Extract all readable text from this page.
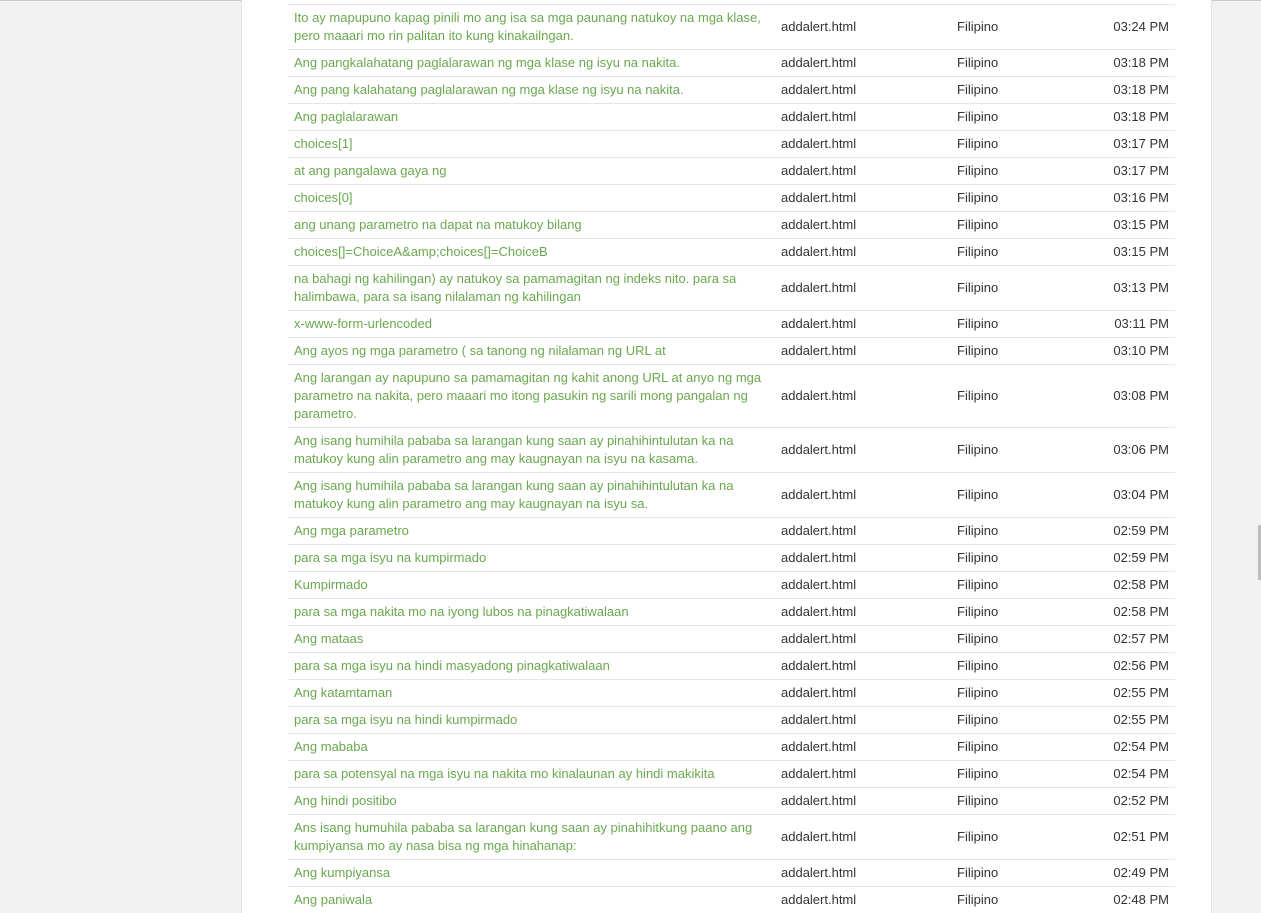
Ito ay mapupuno kapag pinili mo ang isa sa mga paunang natukoy na mga klase, pero maaari mo rin palitan ito kung kinakailngan.	addalert.html	Filipino	03:24 PM
Ang pangkalahatang paglalarawan ng mga klase ng isyu na nakita.	addalert.html	Filipino	03:18 PM
Ang pang kalahatang paglalarawan ng mga klase ng isyu na nakita.	addalert.html	Filipino	03:18 PM
Ang paglalarawan	addalert.html	Filipino	03:18 PM
choices[1]	addalert.html	Filipino	03:17 PM
at ang pangalawa gaya ng	addalert.html	Filipino	03:17 PM
choices[0]	addalert.html	Filipino	03:16 PM
ang unang parametro na dapat na matukoy bilang	addalert.html	Filipino	03:15 PM
choices[]=ChoiceA&amp;choices[]=ChoiceB	addalert.html	Filipino	03:15 PM
na bahagi ng kahilingan) ay natukoy sa pamamagitan ng indeks nito. para sa halimbawa, para sa isang nilalaman ng kahilingan	addalert.html	Filipino	03:13 PM
x-www-form-urlencoded	addalert.html	Filipino	03:11 PM
Ang ayos ng mga parametro ( sa tanong ng nilalaman ng URL at	addalert.html	Filipino	03:10 PM
Ang larangan ay napupuno sa pamamagitan ng kahit anong URL at anyo ng mga parametro na nakita, pero maaari mo itong pasukin ng sarili mong pangalan ng parametro.	addalert.html	Filipino	03:08 PM
Ang isang humihila pababa sa larangan kung saan ay pinahihintulutan ka na matukoy kung alin parametro ang may kaugnayan na isyu na kasama.	addalert.html	Filipino	03:06 PM
Ang isang humihila pababa sa larangan kung saan ay pinahihintulutan ka na matukoy kung alin parametro ang may kaugnayan na isyu sa.	addalert.html	Filipino	03:04 PM
Ang mga parametro	addalert.html	Filipino	02:59 PM
para sa mga isyu na kumpirmado	addalert.html	Filipino	02:59 PM
Kumpirmado	addalert.html	Filipino	02:58 PM
para sa mga nakita mo na iyong lubos na pinagkatiwalaan	addalert.html	Filipino	02:58 PM
Ang mataas	addalert.html	Filipino	02:57 PM
para sa mga isyu na hindi masyadong pinagkatiwalaan	addalert.html	Filipino	02:56 PM
Ang katamtaman	addalert.html	Filipino	02:55 PM
para sa mga isyu na hindi kumpirmado	addalert.html	Filipino	02:55 PM
Ang mababa	addalert.html	Filipino	02:54 PM
para sa potensyal na mga isyu na nakita mo kinalaunan ay hindi makikita	addalert.html	Filipino	02:54 PM
Ang hindi positibo	addalert.html	Filipino	02:52 PM
Ans isang humuhila pababa sa larangan kung saan ay pinahihitkung paano ang kumpiyansa mo ay nasa bisa ng mga hinahanap:	addalert.html	Filipino	02:51 PM
Ang kumpiyansa	addalert.html	Filipino	02:49 PM
Ang paniwala	addalert.html	Filipino	02:48 PM
